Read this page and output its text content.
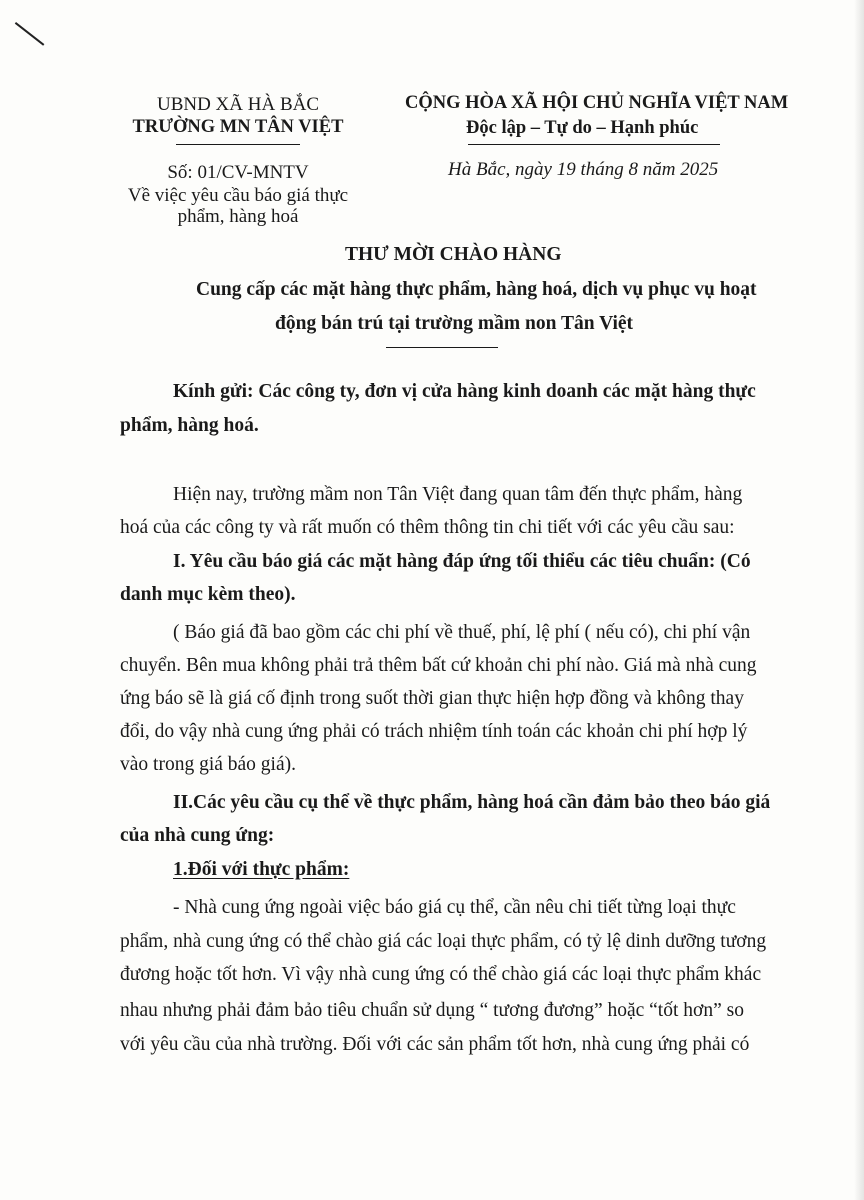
UBND XÃ HÀ BẮC
TRƯỜNG MN TÂN VIỆT
Số: 01/CV-MNTV
Về việc yêu cầu báo giá thực
phẩm, hàng hoá
CỘNG HÒA XÃ HỘI CHỦ NGHĨA VIỆT NAM
Độc lập – Tự do – Hạnh phúc
Hà Bắc, ngày 19 tháng 8 năm 2025
THƯ MỜI CHÀO HÀNG
Cung cấp các mặt hàng thực phẩm, hàng hoá, dịch vụ phục vụ hoạt
động bán trú tại trường mầm non Tân Việt
Kính gửi: Các công ty, đơn vị cửa hàng kinh doanh các mặt hàng thực
phẩm, hàng hoá.
Hiện nay, trường mầm non Tân Việt đang quan tâm đến thực phẩm, hàng
hoá của các công ty và rất muốn có thêm thông tin chi tiết với các yêu cầu sau:
I. Yêu cầu báo giá các mặt hàng đáp ứng tối thiểu các tiêu chuẩn: (Có
danh mục kèm theo).
( Báo giá đã bao gồm các chi phí về thuế, phí, lệ phí ( nếu có), chi phí vận
chuyển. Bên mua không phải trả thêm bất cứ khoản chi phí nào. Giá mà nhà cung
ứng báo sẽ là giá cố định trong suốt thời gian thực hiện hợp đồng và không thay
đổi, do vậy nhà cung ứng phải có trách nhiệm tính toán các khoản chi phí hợp lý
vào trong giá báo giá).
II.Các yêu cầu cụ thể về thực phẩm, hàng hoá cần đảm bảo theo báo giá
của nhà cung ứng:
1.Đối với thực phẩm:
- Nhà cung ứng ngoài việc báo giá cụ thể, cần nêu chi tiết từng loại thực
phẩm, nhà cung ứng có thể chào giá các loại thực phẩm, có tỷ lệ dinh dưỡng tương
đương hoặc tốt hơn. Vì vậy nhà cung ứng có thể chào giá các loại thực phẩm khác
nhau nhưng phải đảm bảo tiêu chuẩn sử dụng “ tương đương” hoặc “tốt hơn” so
với yêu cầu của nhà trường. Đối với các sản phẩm tốt hơn, nhà cung ứng phải có
